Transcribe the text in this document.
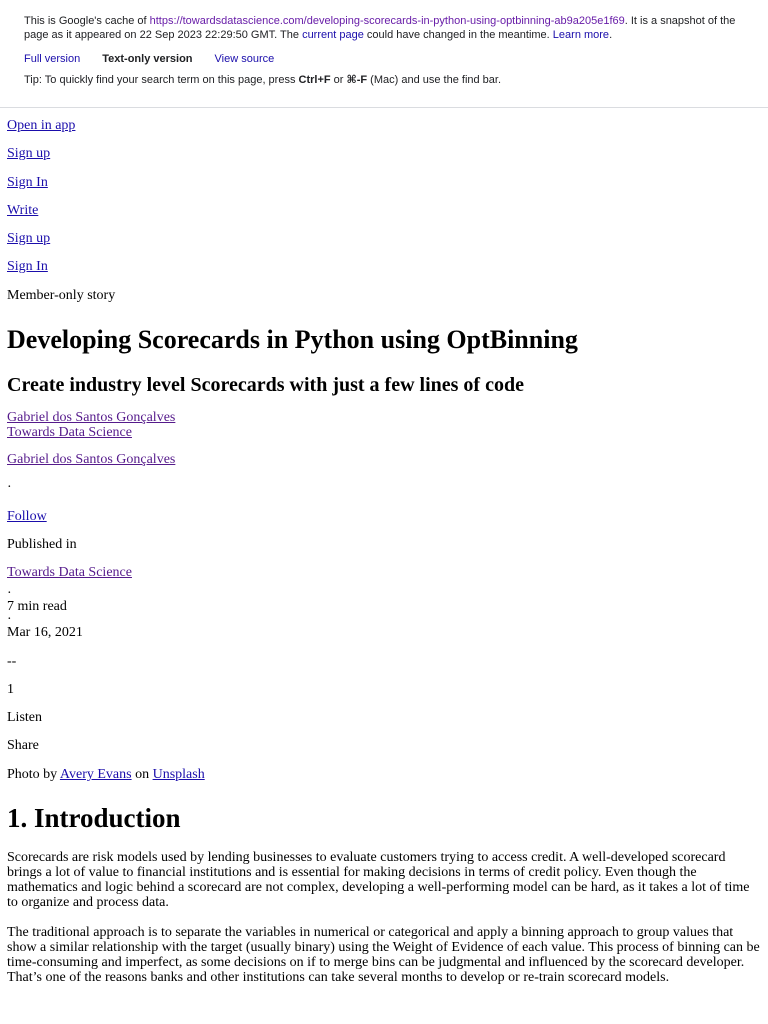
This is Google's cache of https://towardsdatascience.com/developing-scorecards-in-python-using-optbinning-ab9a205e1f69. It is a snapshot of the page as it appeared on 22 Sep 2023 22:29:50 GMT. The current page could have changed in the meantime. Learn more.
Full version Text-only version View source
Tip: To quickly find your search term on this page, press Ctrl+F or ⌘-F (Mac) and use the find bar.
Open in app
Sign up
Sign In
Write
Sign up
Sign In
Member-only story
Developing Scorecards in Python using OptBinning
Create industry level Scorecards with just a few lines of code
Gabriel dos Santos Gonçalves
Towards Data Science
Gabriel dos Santos Gonçalves
·
Follow
Published in
Towards Data Science
·
7 min read
·
Mar 16, 2021
--
1
Listen
Share
Photo by Avery Evans on Unsplash
1. Introduction

Scorecards are risk models used by lending businesses to evaluate customers trying to access credit. A well-developed scorecard brings a lot of value to financial institutions and is essential for making decisions in terms of credit policy. Even though the mathematics and logic behind a scorecard are not complex, developing a well-performing model can be hard, as it takes a lot of time to organize and process data.

The traditional approach is to separate the variables in numerical or categorical and apply a binning approach to group values that show a similar relationship with the target (usually binary) using the Weight of Evidence of each value. This process of binning can be time-consuming and imperfect, as some decisions on if to merge bins can be judgmental and influenced by the scorecard developer. That’s one of the reasons banks and other institutions can take several months to develop or re-train scorecard models.
